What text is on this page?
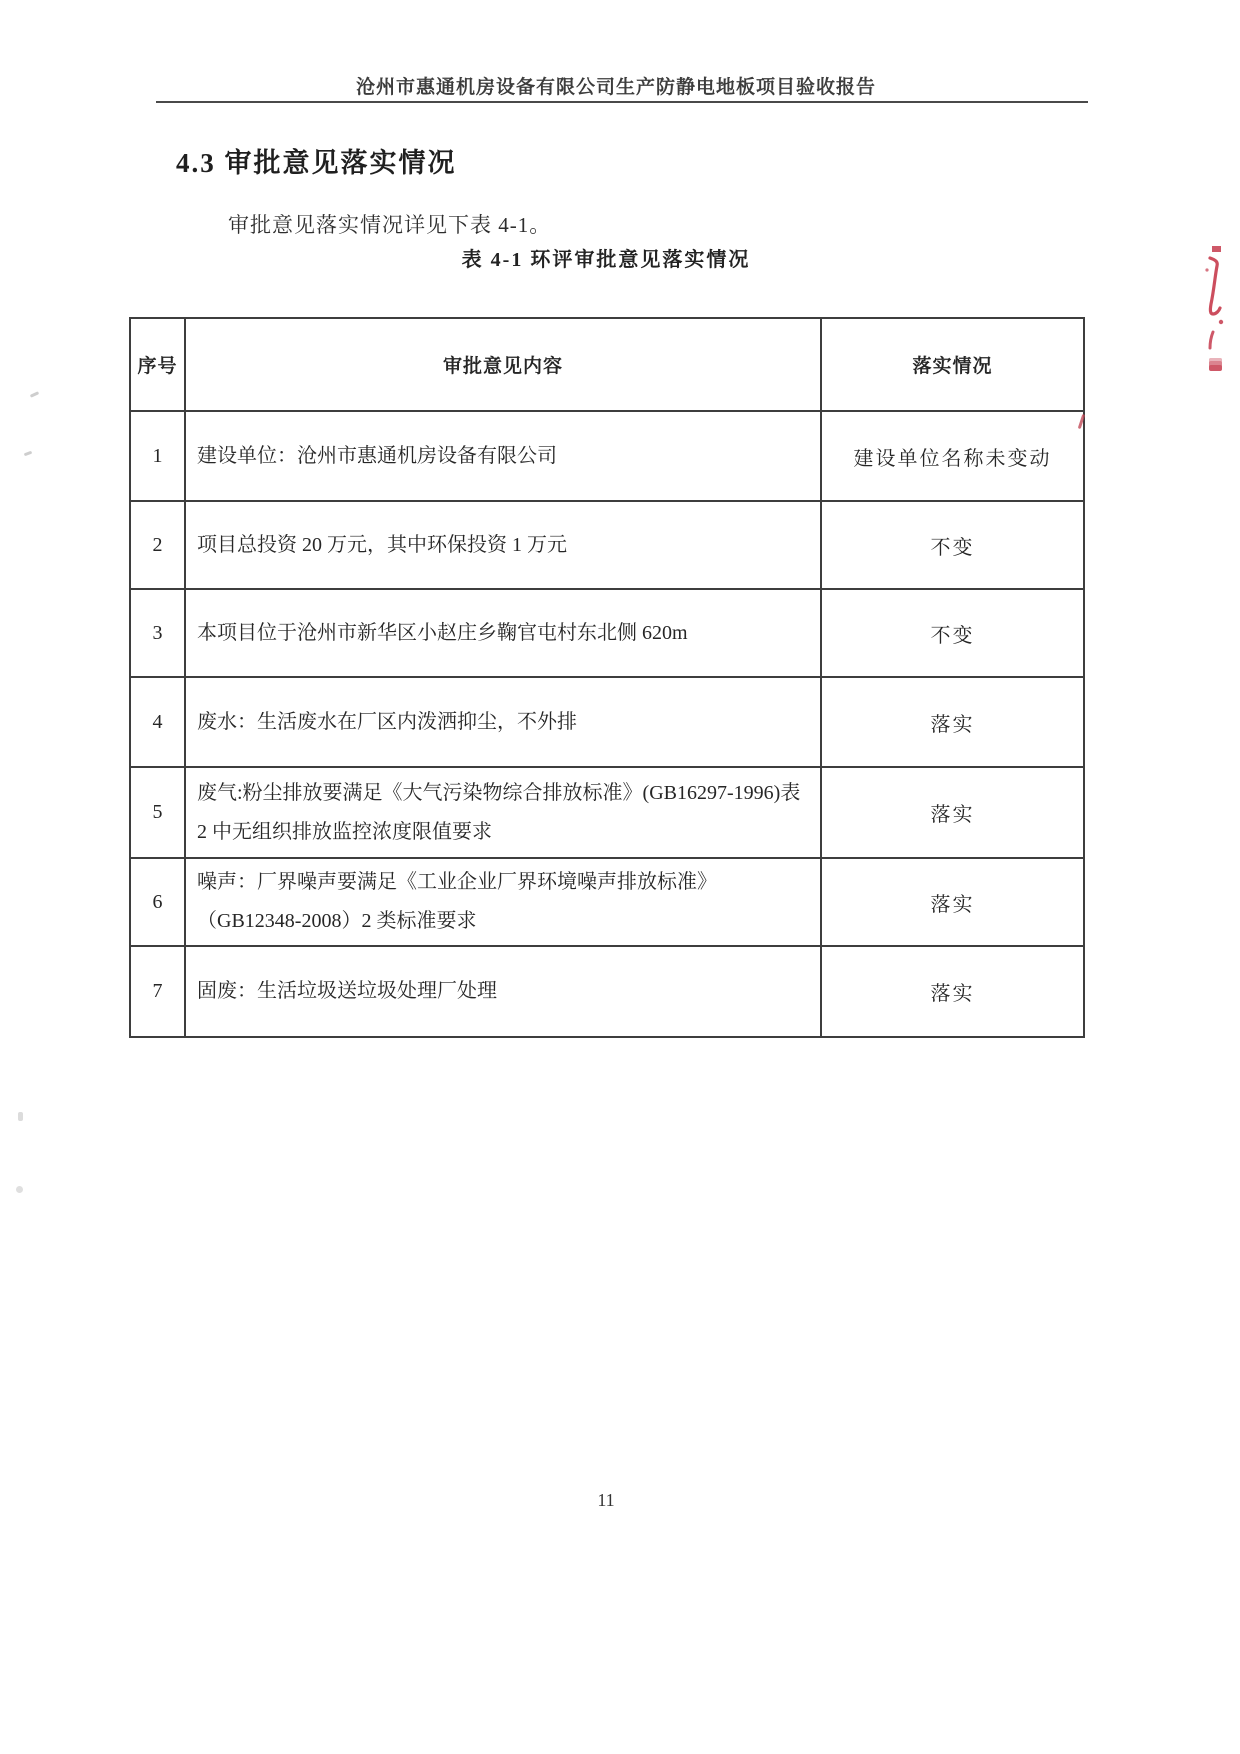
沧州市惠通机房设备有限公司生产防静电地板项目验收报告
4.3 审批意见落实情况
审批意见落实情况详见下表 4-1。
表 4-1 环评审批意见落实情况
序号	审批意见内容	落实情况
1	建设单位：沧州市惠通机房设备有限公司	建设单位名称未变动
2	项目总投资 20 万元，其中环保投资 1 万元	不变
3	本项目位于沧州市新华区小赵庄乡鞠官屯村东北侧 620m	不变
4	废水：生活废水在厂区内泼洒抑尘，不外排	落实
5	废气:粉尘排放要满足《大气污染物综合排放标准》(GB16297-1996)表 2 中无组织排放监控浓度限值要求	落实
6	噪声：厂界噪声要满足《工业企业厂界环境噪声排放标准》（GB12348-2008）2 类标准要求	落实
7	固废：生活垃圾送垃圾处理厂处理	落实
11
